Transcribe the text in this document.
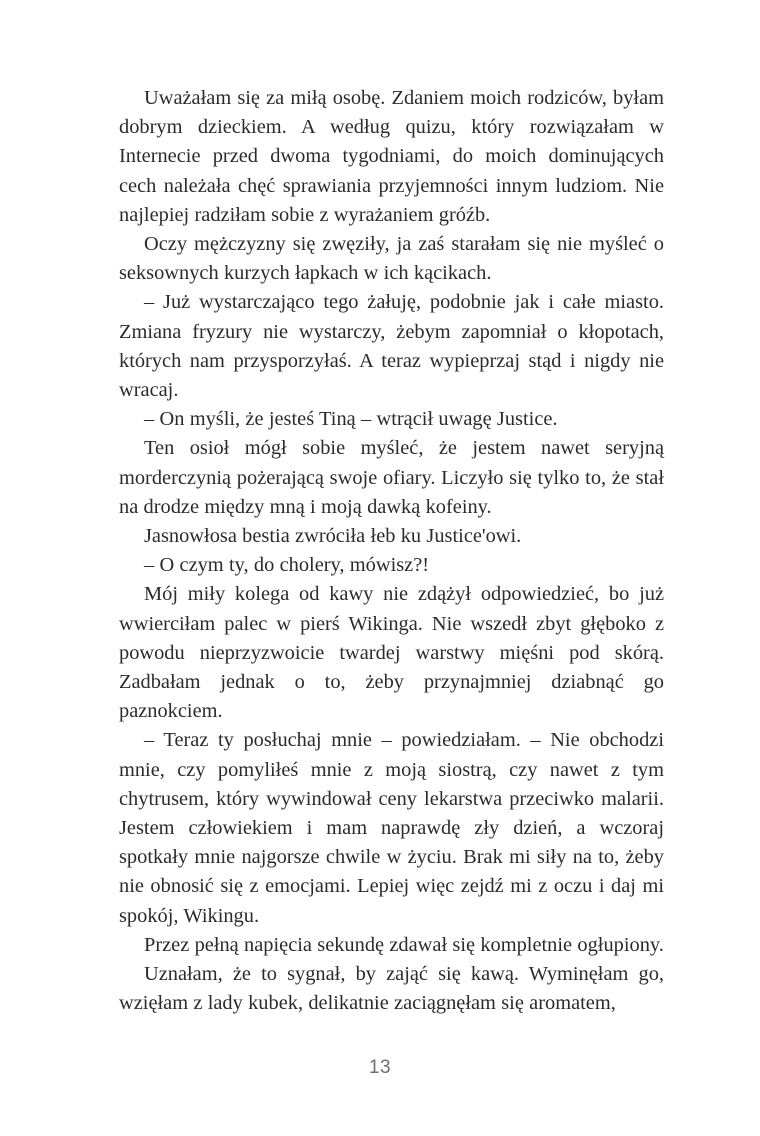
Uważałam się za miłą osobę. Zdaniem moich rodziców, byłam dobrym dzieckiem. A według quizu, który rozwiązałam w Internecie przed dwoma tygodniami, do moich dominujących cech należała chęć sprawiania przyjemności innym ludziom. Nie najlepiej radziłam sobie z wyrażaniem gróźb.

Oczy mężczyzny się zwęziły, ja zaś starałam się nie myśleć o seksownych kurzych łapkach w ich kącikach.

– Już wystarczająco tego żałuję, podobnie jak i całe miasto. Zmiana fryzury nie wystarczy, żebym zapomniał o kłopotach, których nam przysporzyłaś. A teraz wypieprzaj stąd i nigdy nie wracaj.

– On myśli, że jesteś Tiną – wtrącił uwagę Justice.

Ten osioł mógł sobie myśleć, że jestem nawet seryjną morderczynią pożerającą swoje ofiary. Liczyło się tylko to, że stał na drodze między mną i moją dawką kofeiny.

Jasnowłosa bestia zwróciła łeb ku Justice'owi.

– O czym ty, do cholery, mówisz?!

Mój miły kolega od kawy nie zdążył odpowiedzieć, bo już wwierciłam palec w pierś Wikinga. Nie wszedł zbyt głęboko z powodu nieprzyzwoicie twardej warstwy mięśni pod skórą. Zadbałam jednak o to, żeby przynajmniej dziabnąć go paznokciem.

– Teraz ty posłuchaj mnie – powiedziałam. – Nie obchodzi mnie, czy pomyliłeś mnie z moją siostrą, czy nawet z tym chytrusem, który wywindował ceny lekarstwa przeciwko malarii. Jestem człowiekiem i mam naprawdę zły dzień, a wczoraj spotkały mnie najgorsze chwile w życiu. Brak mi siły na to, żeby nie obnosić się z emocjami. Lepiej więc zejdź mi z oczu i daj mi spokój, Wikingu.

Przez pełną napięcia sekundę zdawał się kompletnie ogłupiony.

Uznałam, że to sygnał, by zająć się kawą. Wyminęłam go, wzięłam z lady kubek, delikatnie zaciągnęłam się aromatem,

13
